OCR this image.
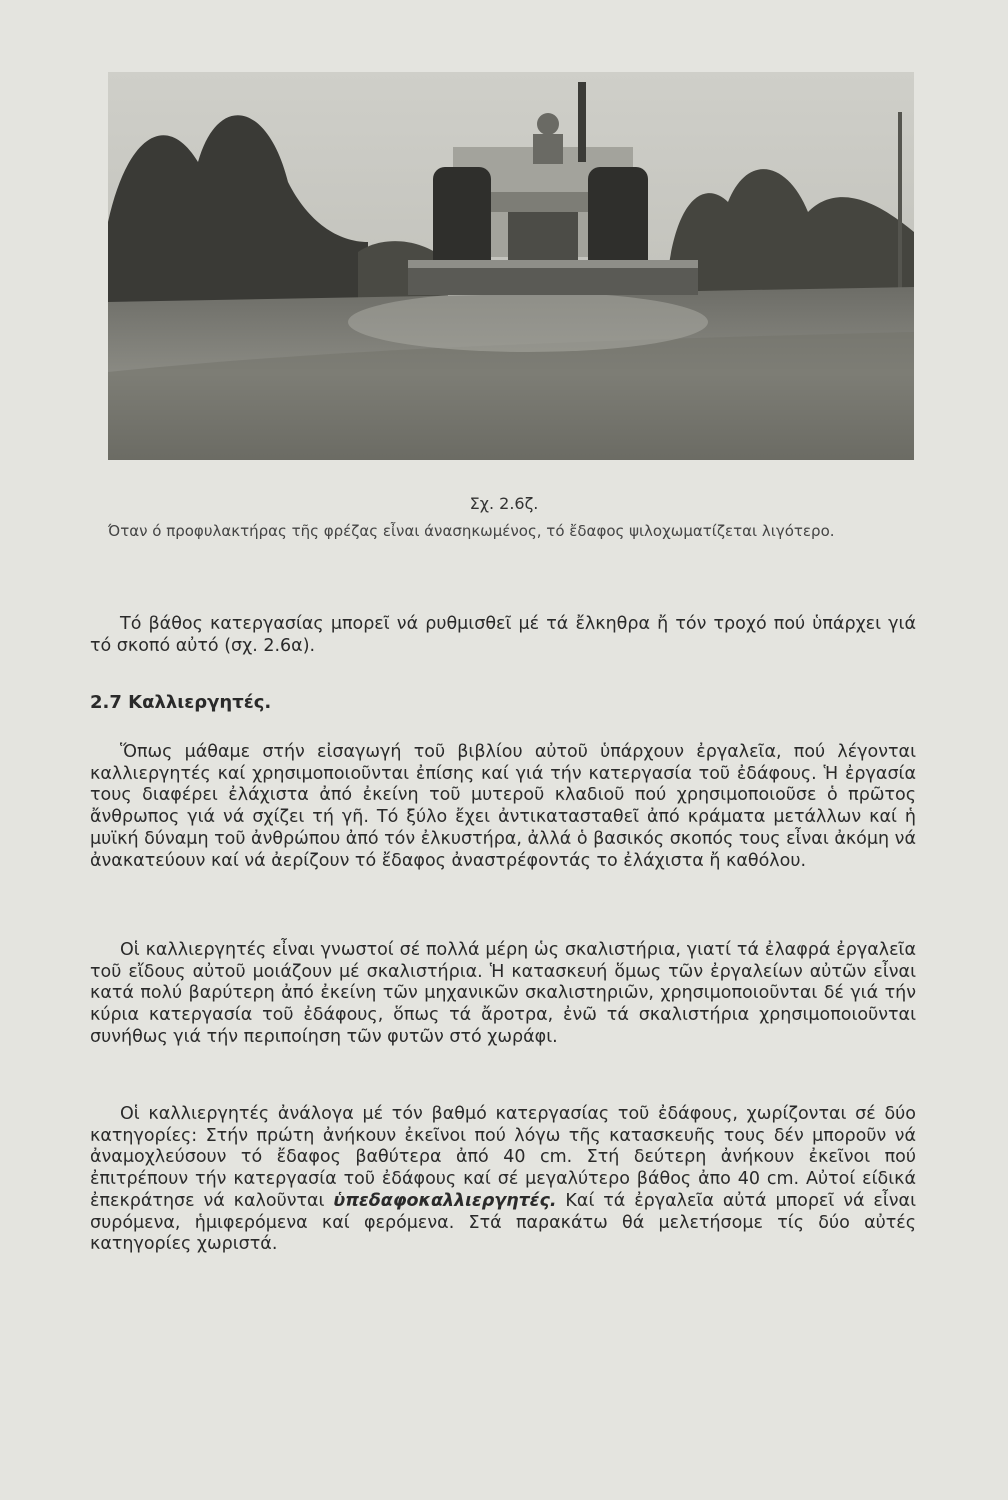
Σχ. 2.6ζ.
Όταν ό προφυλακτήρας τῆς φρέζας εἶναι άνασηκωμένος, τό ἔδαφος ψιλοχωματίζεται λιγότερο.

Τό βάθος κατεργασίας μπορεῖ νά ρυθμισθεῖ μέ τά ἔλκηθρα ἤ τόν τροχό πού ὑπάρχει γιά τό σκοπό αὐτό (σχ. 2.6α).

2.7 Καλλιεργητές.

Ὅπως μάθαμε στήν εἰσαγωγή τοῦ βιβλίου αὐτοῦ ὑπάρχουν ἐργαλεῖα, πού λέγονται καλλιεργητές καί χρησιμοποιοῦνται ἐπίσης καί γιά τήν κατεργασία τοῦ ἐδάφους. Ἡ ἐργασία τους διαφέρει ἐλάχιστα ἀπό ἐκείνη τοῦ μυτεροῦ κλαδιοῦ πού χρησιμοποιοῦσε ὁ πρῶτος ἄνθρωπος γιά νά σχίζει τή γῆ. Τό ξύλο ἔχει ἀντικατασταθεῖ ἀπό κράματα μετάλλων καί ἡ μυϊκή δύναμη τοῦ ἀνθρώπου ἀπό τόν ἐλκυστήρα, ἀλλά ὁ βασικός σκοπός τους εἶναι ἀκόμη νά ἀνακατεύουν καί νά ἀερίζουν τό ἔδαφος ἀναστρέφοντάς το ἐλάχιστα ἤ καθόλου.

Οἱ καλλιεργητές εἶναι γνωστοί σέ πολλά μέρη ὡς σκαλιστήρια, γιατί τά ἐλαφρά ἐργαλεῖα τοῦ εἴδους αὐτοῦ μοιάζουν μέ σκαλιστήρια. Ἡ κατασκευή ὅμως τῶν ἐργαλείων αὐτῶν εἶναι κατά πολύ βαρύτερη ἀπό ἐκείνη τῶν μηχανικῶν σκαλιστηριῶν, χρησιμοποιοῦνται δέ γιά τήν κύρια κατεργασία τοῦ ἐδάφους, ὅπως τά ἄροτρα, ἐνῶ τά σκαλιστήρια χρησιμοποιοῦνται συνήθως γιά τήν περιποίηση τῶν φυτῶν στό χωράφι.

Οἱ καλλιεργητές ἀνάλογα μέ τόν βαθμό κατεργασίας τοῦ ἐδάφους, χωρίζονται σέ δύο κατηγορίες: Στήν πρώτη ἀνήκουν ἐκεῖνοι πού λόγω τῆς κατασκευῆς τους δέν μποροῦν νά ἀναμοχλεύσουν τό ἔδαφος βαθύτερα ἀπό 40 cm. Στή δεύτερη ἀνήκουν ἐκεῖνοι πού ἐπιτρέπουν τήν κατεργασία τοῦ ἐδάφους καί σέ μεγαλύτερο βάθος ἀπο 40 cm. Αὐτοί είδικά ἐπεκράτησε νά καλοῦνται ὑπεδαφοκαλλιεργητές. Καί τά ἐργαλεῖα αὐτά μπορεῖ νά εἶναι συρόμενα, ἡμιφερόμενα καί φερόμενα. Στά παρακάτω θά μελετήσομε τίς δύο αὐτές κατηγορίες χωριστά.
